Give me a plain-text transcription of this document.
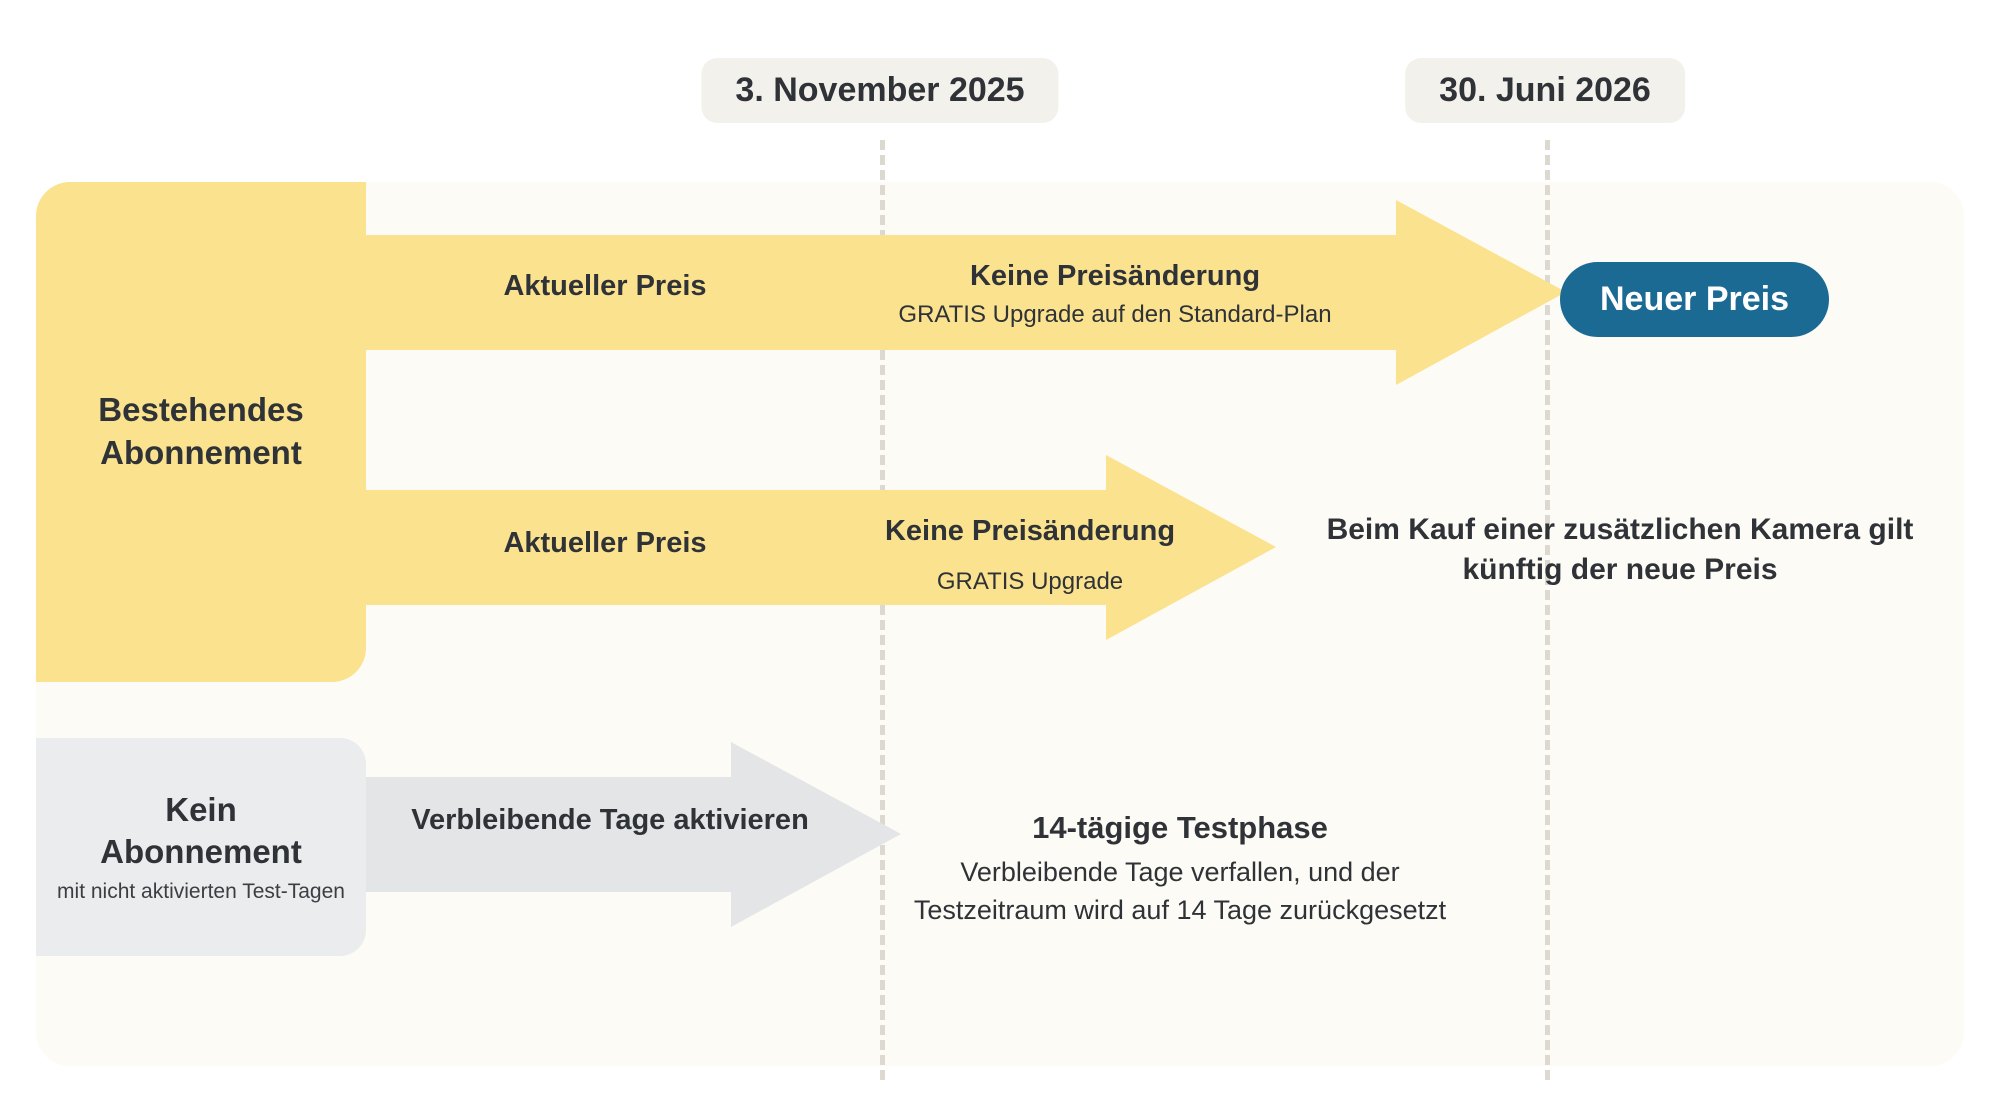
3. November 2025	30. Juni 2026
Bestehendes
Abonnement
Kein
Abonnement
mit nicht aktivierten Test-Tagen
Aktueller Preis	Keine Preisänderung
GRATIS Upgrade auf den Standard-Plan
Aktueller Preis	Keine Preisänderung
GRATIS Upgrade
Verbleibende Tage aktivieren
Neuer Preis
Beim Kauf einer zusätzlichen Kamera gilt künftig der neue Preis
14-tägige Testphase
Verbleibende Tage verfallen, und der Testzeitraum wird auf 14 Tage zurückgesetzt
